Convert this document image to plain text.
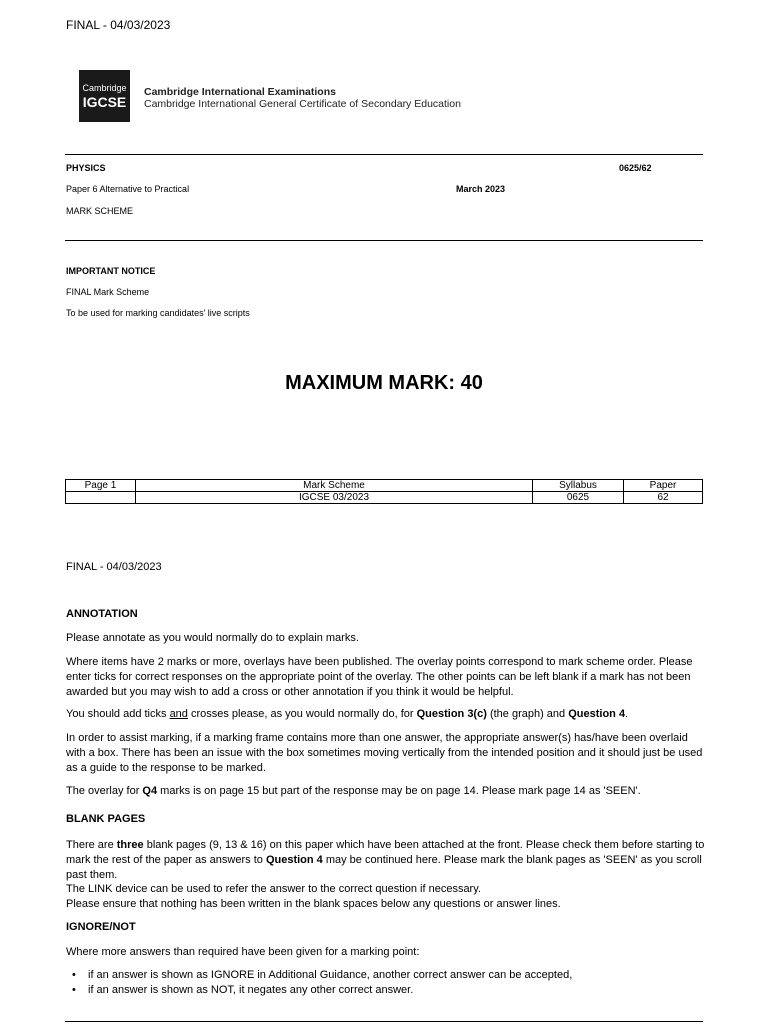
FINAL - 04/03/2023
Cambridge
IGCSE
Cambridge International Examinations
Cambridge International General Certificate of Secondary Education
PHYSICS	0625/62
Paper 6 Alternative to Practical	March 2023
MARK SCHEME
IMPORTANT NOTICE
FINAL Mark Scheme
To be used for marking candidates' live scripts
MAXIMUM MARK: 40
Page 1	Mark Scheme	Syllabus	Paper
	IGCSE 03/2023	0625	62
FINAL - 04/03/2023
ANNOTATION
Please annotate as you would normally do to explain marks.
Where items have 2 marks or more, overlays have been published. The overlay points correspond to mark scheme order. Please enter ticks for correct responses on the appropriate point of the overlay. The other points can be left blank if a mark has not been awarded but you may wish to add a cross or other annotation if you think it would be helpful.
You should add ticks and crosses please, as you would normally do, for Question 3(c) (the graph) and Question 4.
In order to assist marking, if a marking frame contains more than one answer, the appropriate answer(s) has/have been overlaid with a box. There has been an issue with the box sometimes moving vertically from the intended position and it should just be used as a guide to the response to be marked.
The overlay for Q4 marks is on page 15 but part of the response may be on page 14. Please mark page 14 as 'SEEN'.
BLANK PAGES
There are three blank pages (9, 13 & 16) on this paper which have been attached at the front. Please check them before starting to mark the rest of the paper as answers to Question 4 may be continued here. Please mark the blank pages as 'SEEN' as you scroll past them.
The LINK device can be used to refer the answer to the correct question if necessary.
Please ensure that nothing has been written in the blank spaces below any questions or answer lines.
IGNORE/NOT
Where more answers than required have been given for a marking point:
• if an answer is shown as IGNORE in Additional Guidance, another correct answer can be accepted,
• if an answer is shown as NOT, it negates any other correct answer.
